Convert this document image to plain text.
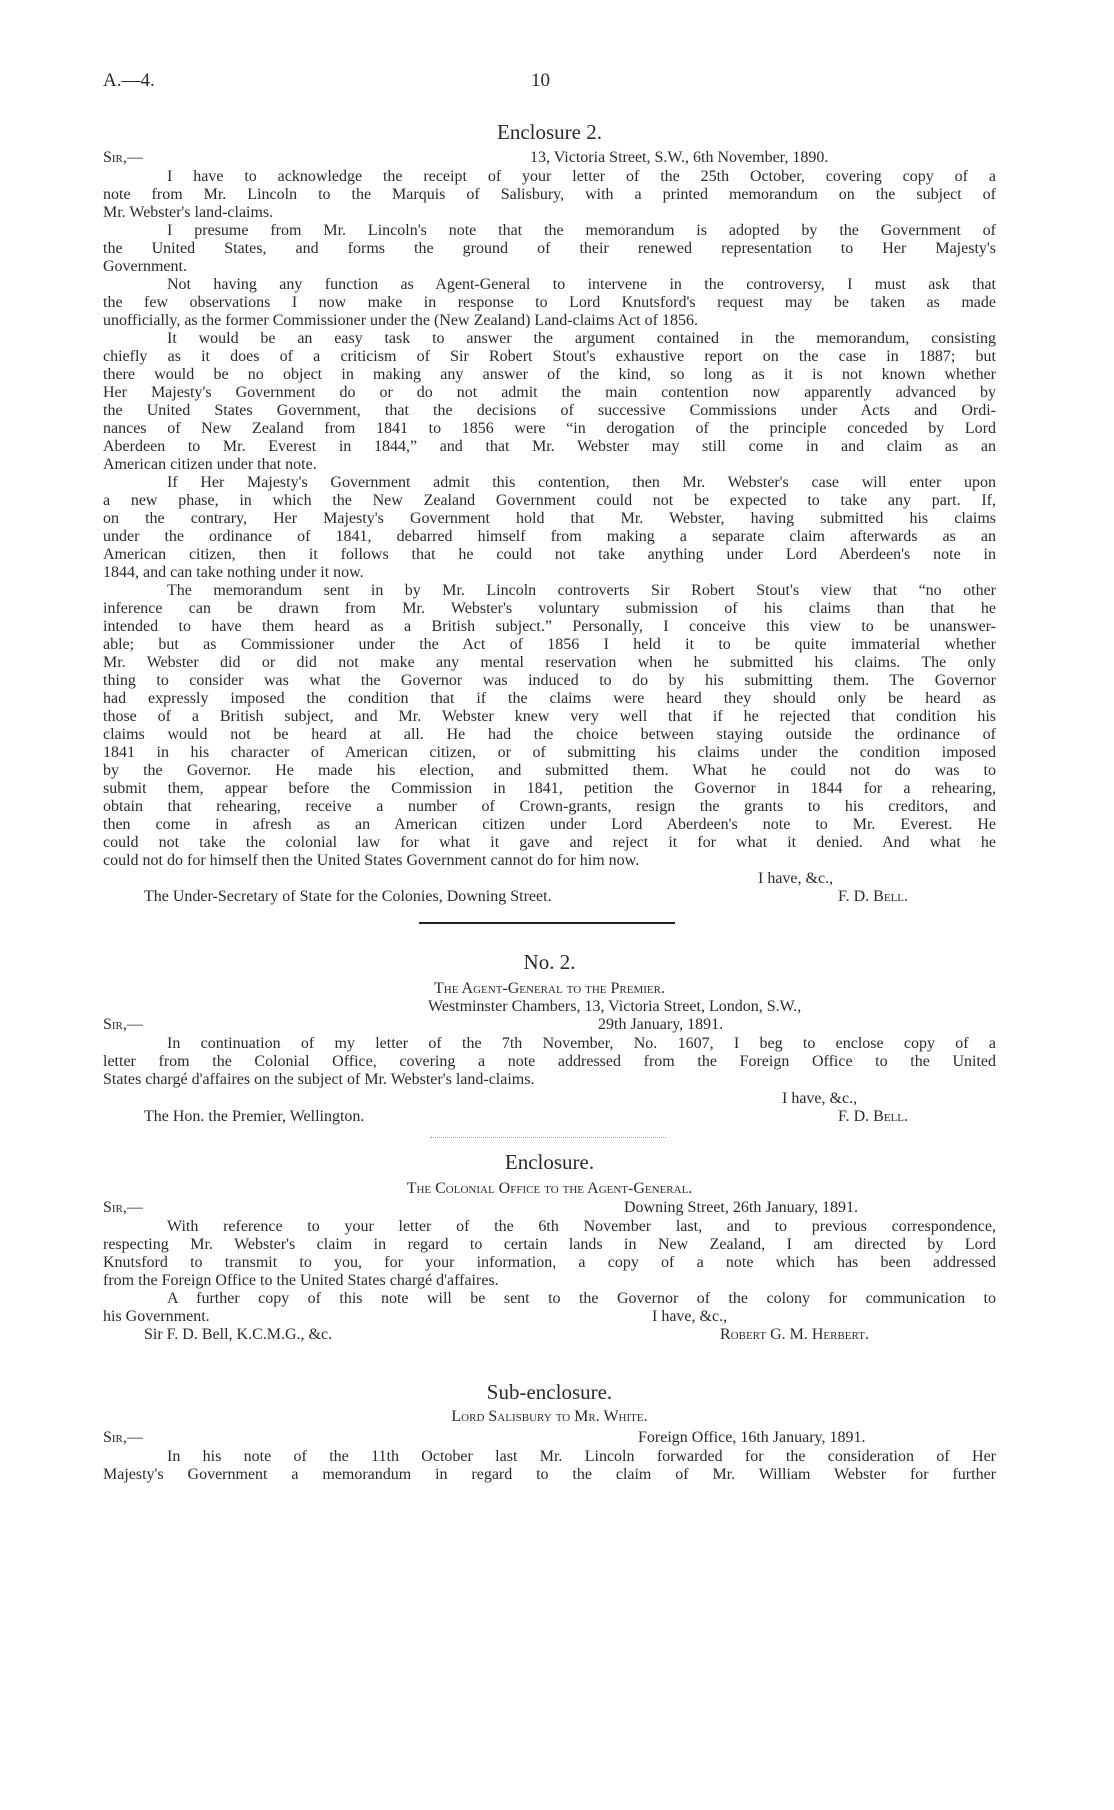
A.—4.	10
Enclosure 2.
Sir,—	13, Victoria Street, S.W., 6th November, 1890.
I have to acknowledge the receipt of your letter of the 25th October, covering copy of a
note from Mr. Lincoln to the Marquis of Salisbury, with a printed memorandum on the subject of
Mr. Webster's land-claims.
I presume from Mr. Lincoln's note that the memorandum is adopted by the Government of
the United States, and forms the ground of their renewed representation to Her Majesty's
Government.
Not having any function as Agent-General to intervene in the controversy, I must ask that
the few observations I now make in response to Lord Knutsford's request may be taken as made
unofficially, as the former Commissioner under the (New Zealand) Land-claims Act of 1856.
It would be an easy task to answer the argument contained in the memorandum, consisting
chiefly as it does of a criticism of Sir Robert Stout's exhaustive report on the case in 1887; but
there would be no object in making any answer of the kind, so long as it is not known whether
Her Majesty's Government do or do not admit the main contention now apparently advanced by
the United States Government, that the decisions of successive Commissions under Acts and Ordi-
nances of New Zealand from 1841 to 1856 were “in derogation of the principle conceded by Lord
Aberdeen to Mr. Everest in 1844,” and that Mr. Webster may still come in and claim as an
American citizen under that note.
If Her Majesty's Government admit this contention, then Mr. Webster's case will enter upon
a new phase, in which the New Zealand Government could not be expected to take any part. If,
on the contrary, Her Majesty's Government hold that Mr. Webster, having submitted his claims
under the ordinance of 1841, debarred himself from making a separate claim afterwards as an
American citizen, then it follows that he could not take anything under Lord Aberdeen's note in
1844, and can take nothing under it now.
The memorandum sent in by Mr. Lincoln controverts Sir Robert Stout's view that “no other
inference can be drawn from Mr. Webster's voluntary submission of his claims than that he
intended to have them heard as a British subject.” Personally, I conceive this view to be unanswer-
able; but as Commissioner under the Act of 1856 I held it to be quite immaterial whether
Mr. Webster did or did not make any mental reservation when he submitted his claims. The only
thing to consider was what the Governor was induced to do by his submitting them. The Governor
had expressly imposed the condition that if the claims were heard they should only be heard as
those of a British subject, and Mr. Webster knew very well that if he rejected that condition his
claims would not be heard at all. He had the choice between staying outside the ordinance of
1841 in his character of American citizen, or of submitting his claims under the condition imposed
by the Governor. He made his election, and submitted them. What he could not do was to
submit them, appear before the Commission in 1841, petition the Governor in 1844 for a rehearing,
obtain that rehearing, receive a number of Crown-grants, resign the grants to his creditors, and
then come in afresh as an American citizen under Lord Aberdeen's note to Mr. Everest. He
could not take the colonial law for what it gave and reject it for what it denied. And what he
could not do for himself then the United States Government cannot do for him now.
I have, &c.,
The Under-Secretary of State for the Colonies, Downing Street.	F. D. Bell.
No. 2.
The Agent-General to the Premier.
Westminster Chambers, 13, Victoria Street, London, S.W.,
Sir,—	29th January, 1891.
In continuation of my letter of the 7th November, No. 1607, I beg to enclose copy of a
letter from the Colonial Office, covering a note addressed from the Foreign Office to the United
States chargé d'affaires on the subject of Mr. Webster's land-claims.
I have, &c.,
The Hon. the Premier, Wellington.	F. D. Bell.
Enclosure.
The Colonial Office to the Agent-General.
Sir,—	Downing Street, 26th January, 1891.
With reference to your letter of the 6th November last, and to previous correspondence,
respecting Mr. Webster's claim in regard to certain lands in New Zealand, I am directed by Lord
Knutsford to transmit to you, for your information, a copy of a note which has been addressed
from the Foreign Office to the United States chargé d'affaires.
A further copy of this note will be sent to the Governor of the colony for communication to
his Government.	I have, &c.,
Sir F. D. Bell, K.C.M.G., &c.	Robert G. M. Herbert.
Sub-enclosure.
Lord Salisbury to Mr. White.
Sir,—	Foreign Office, 16th January, 1891.
In his note of the 11th October last Mr. Lincoln forwarded for the consideration of Her
Majesty's Government a memorandum in regard to the claim of Mr. William Webster for further
